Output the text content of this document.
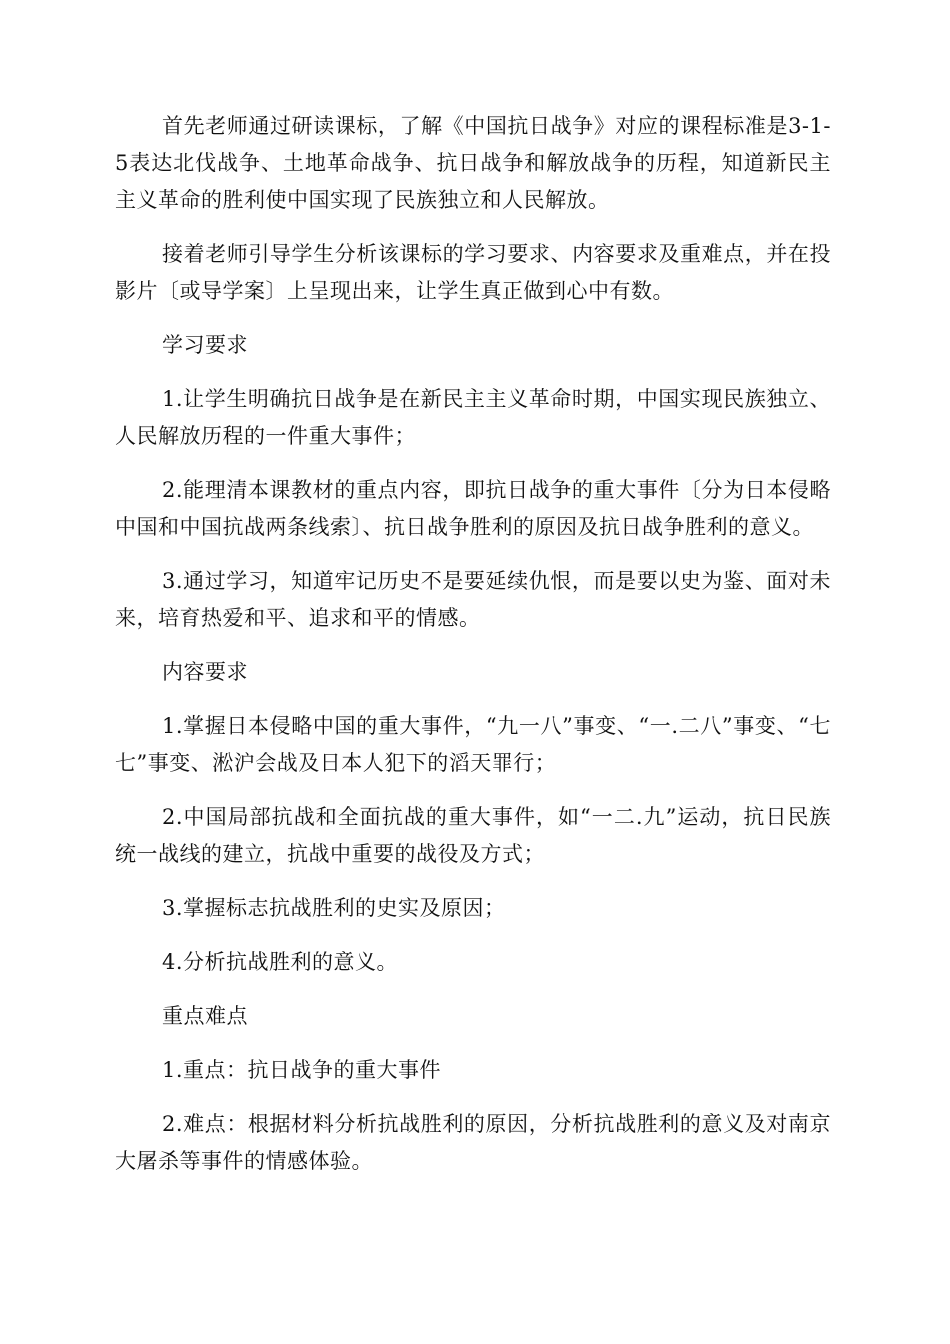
首先老师通过研读课标，了解《中国抗日战争》对应的课程标准是3-1-5表达北伐战争、土地革命战争、抗日战争和解放战争的历程，知道新民主主义革命的胜利使中国实现了民族独立和人民解放。

接着老师引导学生分析该课标的学习要求、内容要求及重难点，并在投影片〔或导学案〕上呈现出来，让学生真正做到心中有数。

学习要求

1.让学生明确抗日战争是在新民主主义革命时期，中国实现民族独立、人民解放历程的一件重大事件；

2.能理清本课教材的重点内容，即抗日战争的重大事件〔分为日本侵略中国和中国抗战两条线索〕、抗日战争胜利的原因及抗日战争胜利的意义。

3.通过学习，知道牢记历史不是要延续仇恨，而是要以史为鉴、面对未来，培育热爱和平、追求和平的情感。

内容要求

1.掌握日本侵略中国的重大事件，“九一八”事变、“一.二八”事变、“七七”事变、淞沪会战及日本人犯下的滔天罪行；

2.中国局部抗战和全面抗战的重大事件，如“一二.九”运动，抗日民族统一战线的建立，抗战中重要的战役及方式；

3.掌握标志抗战胜利的史实及原因；

4.分析抗战胜利的意义。

重点难点

1.重点：抗日战争的重大事件

2.难点：根据材料分析抗战胜利的原因，分析抗战胜利的意义及对南京大屠杀等事件的情感体验。
